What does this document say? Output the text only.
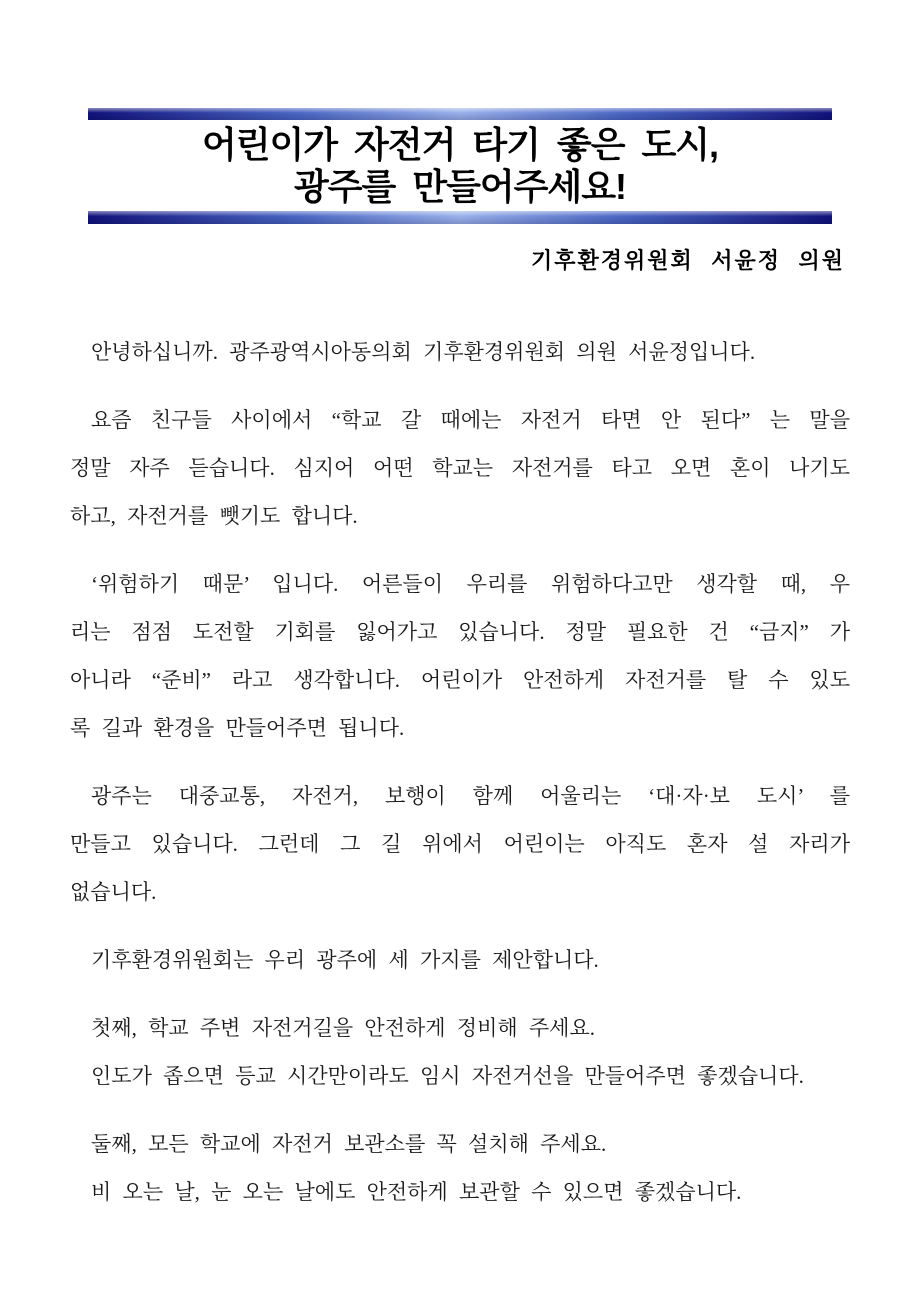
어린이가 자전거 타기 좋은 도시,
광주를 만들어주세요!
기후환경위원회 서윤정 의원

안녕하십니까. 광주광역시아동의회 기후환경위원회 의원 서윤정입니다.

요즘 친구들 사이에서 “학교 갈 때에는 자전거 타면 안 된다” 는 말을
정말 자주 듣습니다. 심지어 어떤 학교는 자전거를 타고 오면 혼이 나기도
하고, 자전거를 뺏기도 합니다.

‘위험하기 때문’ 입니다. 어른들이 우리를 위험하다고만 생각할 때, 우
리는 점점 도전할 기회를 잃어가고 있습니다. 정말 필요한 건 “금지” 가
아니라 “준비” 라고 생각합니다. 어린이가 안전하게 자전거를 탈 수 있도
록 길과 환경을 만들어주면 됩니다.

광주는 대중교통, 자전거, 보행이 함께 어울리는 ‘대·자·보 도시’ 를
만들고 있습니다. 그런데 그 길 위에서 어린이는 아직도 혼자 설 자리가
없습니다.

기후환경위원회는 우리 광주에 세 가지를 제안합니다.

첫째, 학교 주변 자전거길을 안전하게 정비해 주세요.
인도가 좁으면 등교 시간만이라도 임시 자전거선을 만들어주면 좋겠습니다.

둘째, 모든 학교에 자전거 보관소를 꼭 설치해 주세요.
비 오는 날, 눈 오는 날에도 안전하게 보관할 수 있으면 좋겠습니다.
